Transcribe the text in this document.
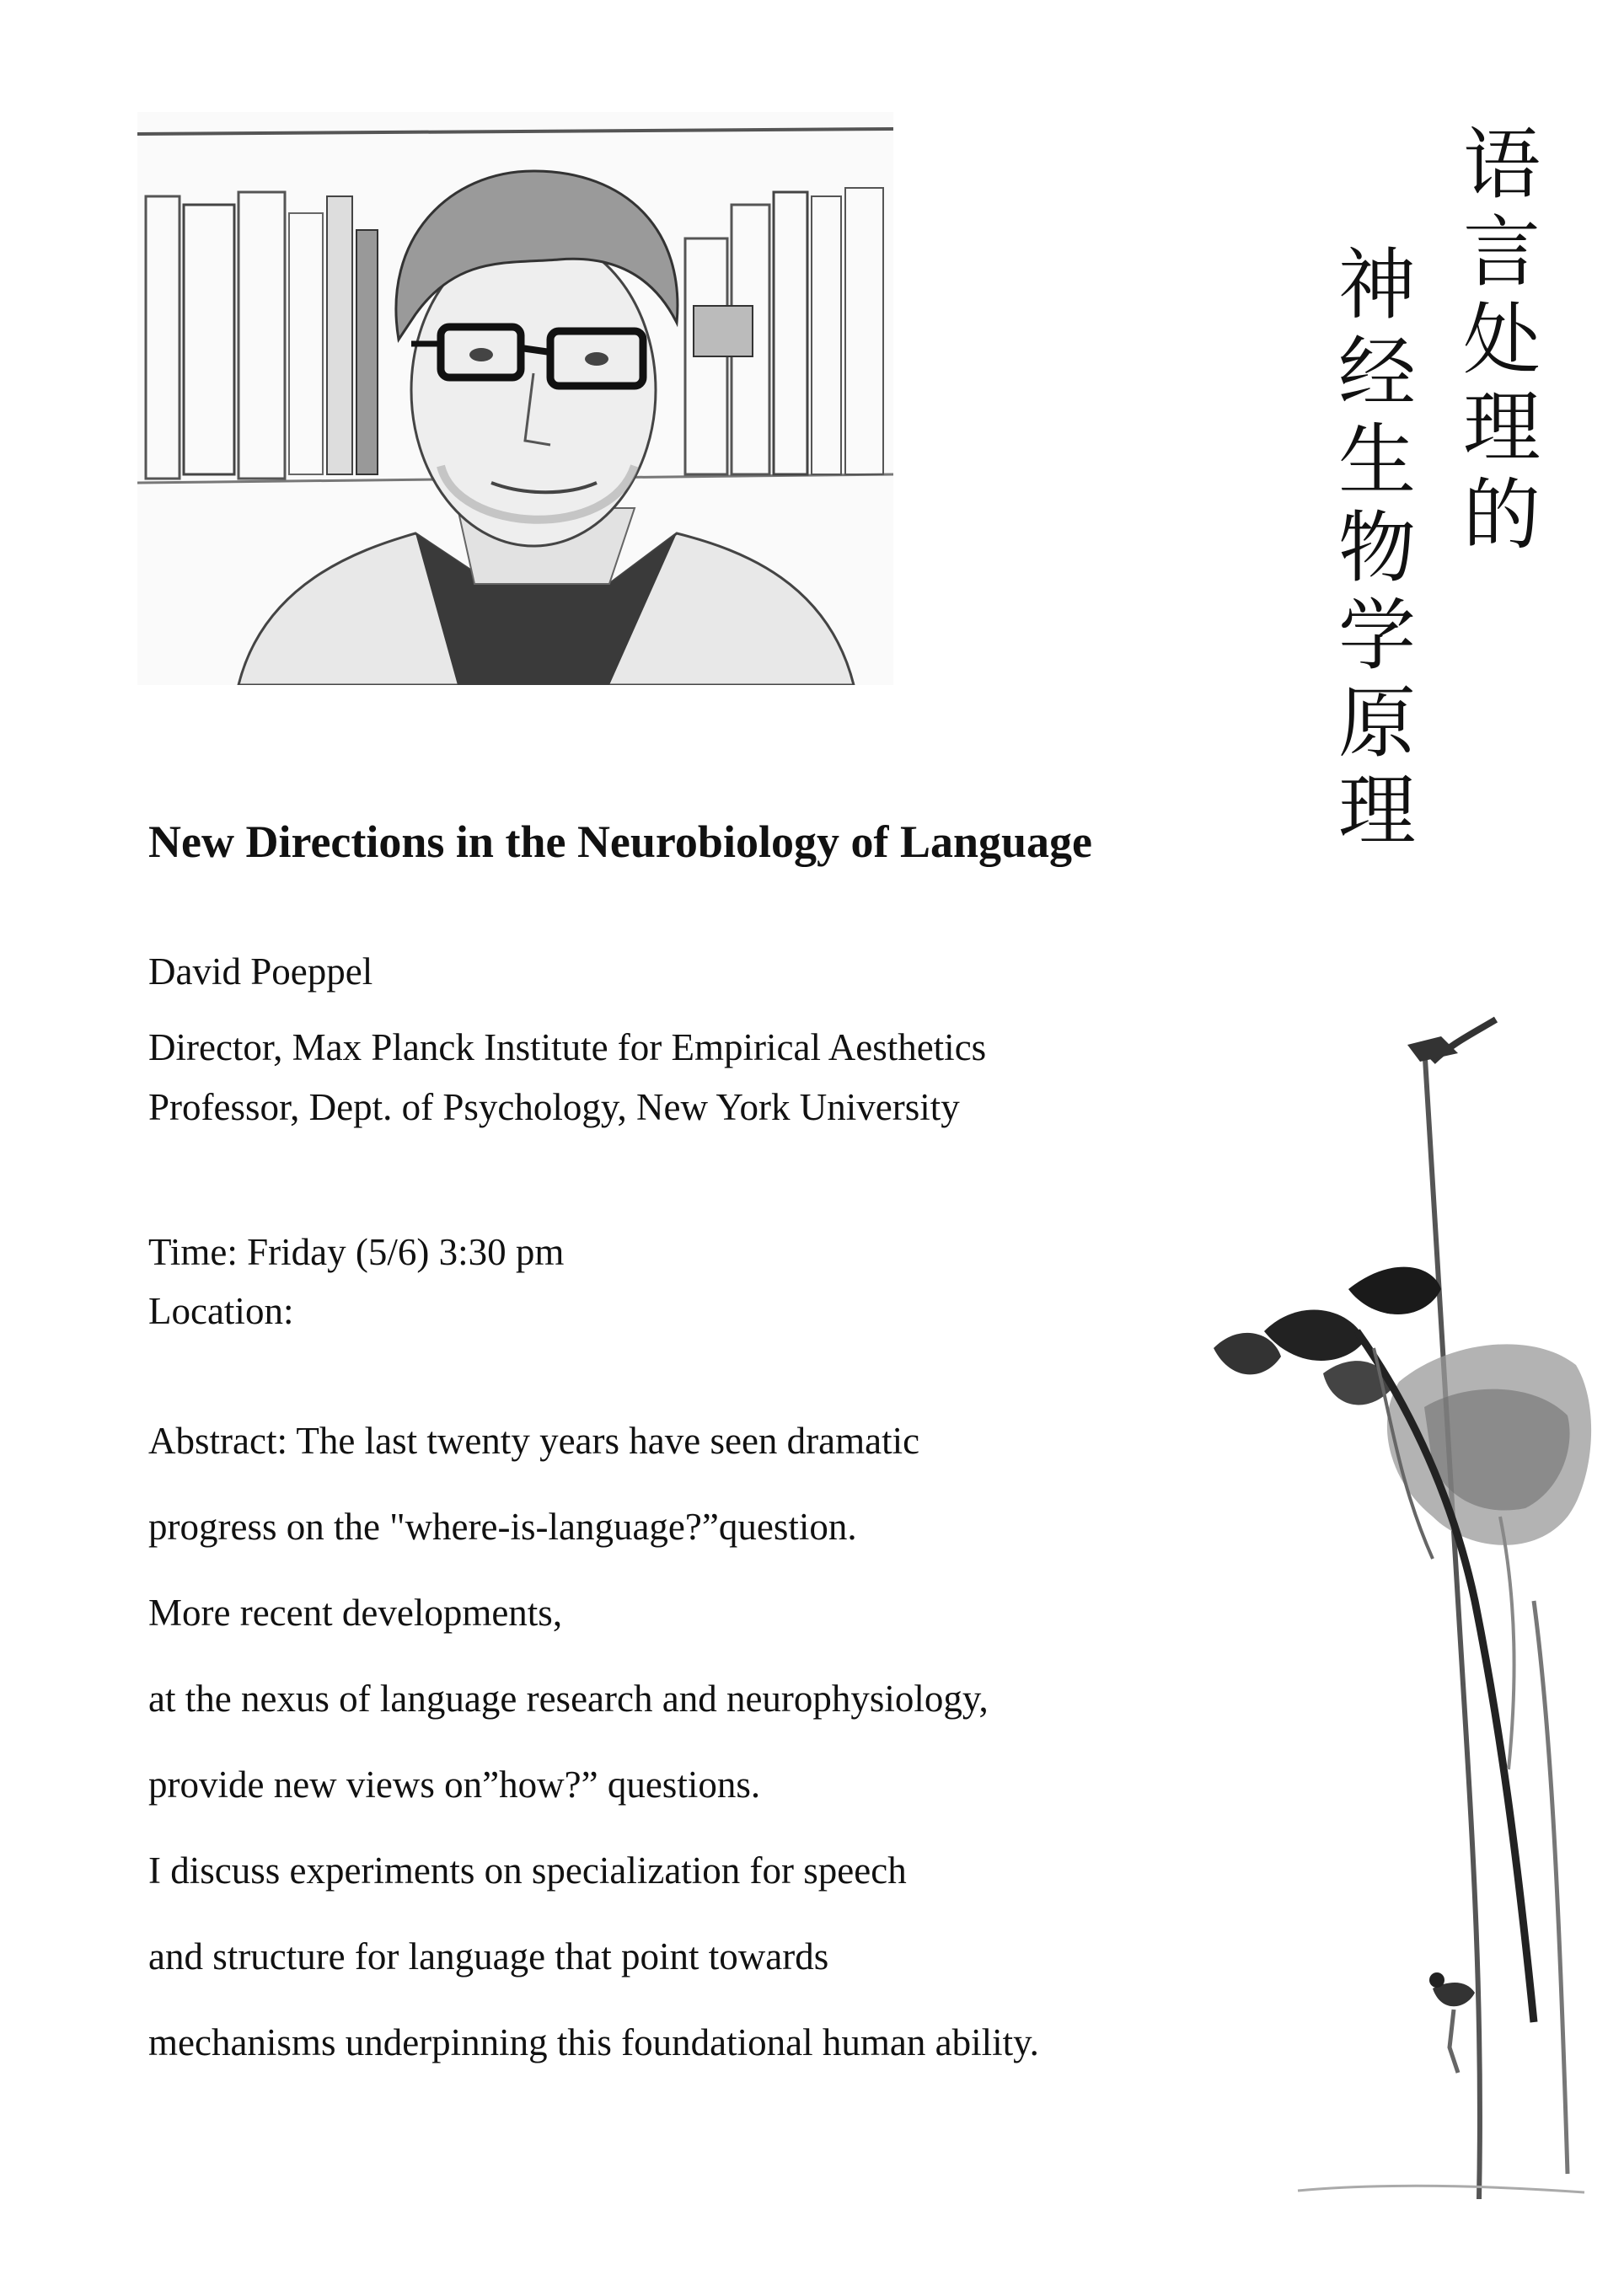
语
言
处
理
的
神
经
生
物
学
原
理
New Directions in the Neurobiology of Language
David Poeppel
Director, Max Planck Institute for Empirical Aesthetics
Professor, Dept. of Psychology, New York University
Time: Friday (5/6) 3:30 pm
Location:
Abstract: The last twenty years have seen dramatic
progress on the "where-is-language?”question.
More recent developments,
at the nexus of language research and neurophysiology,
provide new views on”how?” questions.
I discuss experiments on specialization for speech
and structure for language that point towards
mechanisms underpinning this foundational human ability.
